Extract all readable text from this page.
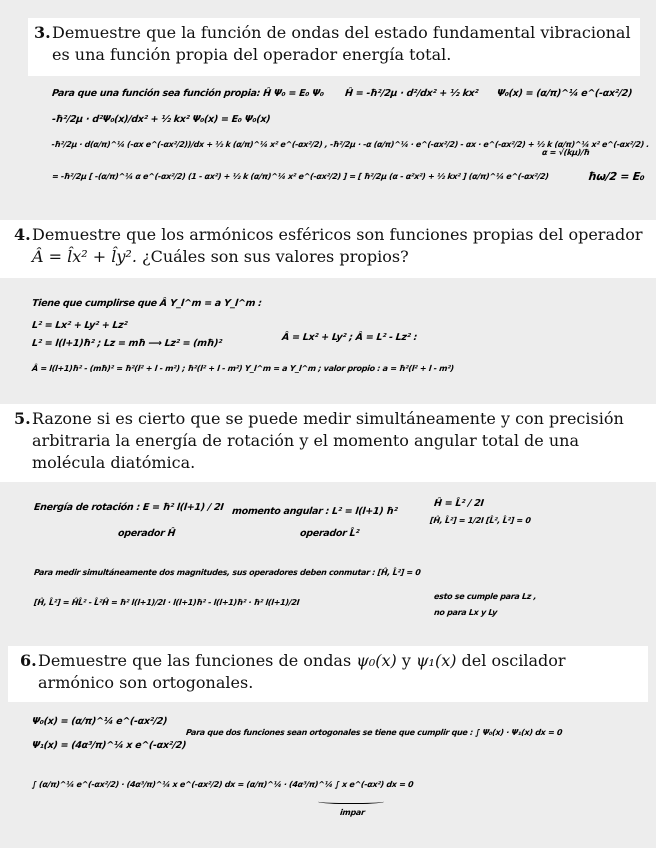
3. Demuestre que la función de ondas del estado fundamental vibracional es una función propia del operador energía total.
Para que una función sea función propia: Ĥ Ψ₀ = E₀ Ψ₀ Ĥ = -ħ²/2μ · d²/dx² + ½ kx² Ψ₀(x) = (α/π)^¼ e^(-αx²/2)
-ħ²/2μ · d²Ψ₀(x)/dx² + ½ kx² Ψ₀(x) = E₀ Ψ₀(x)
-ħ²/2μ · d(α/π)^¼ (-αx e^(-αx²/2))/dx + ½ k (α/π)^¼ x² e^(-αx²/2) , -ħ²/2μ · -α (α/π)^¼ · e^(-αx²/2) - αx · e^(-αx²/2) + ½ k (α/π)^¼ x² e^(-αx²/2) .
= -ħ²/2μ [ -(α/π)^¼ α e^(-αx²/2) (1 - αx²) + ½ k (α/π)^¼ x² e^(-αx²/2) ] = [ ħ²/2μ (α - α²x²) + ½ kx² ] (α/π)^¼ e^(-αx²/2)
α = √(kμ)/ħ
ħω/2 = E₀
4. Demuestre que los armónicos esféricos son funciones propias del operador Â = l̂x² + l̂y². ¿Cuáles son sus valores propios?
Tiene que cumplirse que Â Y_l^m = a Y_l^m :
L² = Lx² + Ly² + Lz²
L² = l(l+1)ħ² ; Lz = mħ ⟶ Lz² = (mħ)²
Â = Lx² + Ly² ; Â = L² - Lz² :
Â = l(l+1)ħ² - (mħ)² = ħ²(l² + l - m²) ; ħ²(l² + l - m²) Y_l^m = a Y_l^m ; valor propio : a = ħ²(l² + l - m²)
5. Razone si es cierto que se puede medir simultáneamente y con precisión arbitraria la energía de rotación y el momento angular total de una molécula diatómica.
Energía de rotación : E = ħ² l(l+1) / 2I
operador Ĥ
momento angular : L² = l(l+1) ħ²
operador L̂²
Ĥ = L̂² / 2I
[Ĥ, L̂²] = 1/2I [L̂², L̂²] = 0
Para medir simultáneamente dos magnitudes, sus operadores deben conmutar : [Ĥ, L̂²] = 0
[Ĥ, L̂²] = ĤL̂² - L̂²Ĥ = ħ² l(l+1)/2I · l(l+1)ħ² - l(l+1)ħ² · ħ² l(l+1)/2I
esto se cumple para Lz ,
no para Lx y Ly
6. Demuestre que las funciones de ondas ψ₀(x) y ψ₁(x) del oscilador armónico son ortogonales.
Ψ₀(x) = (α/π)^¼ e^(-αx²/2)
Ψ₁(x) = (4α³/π)^¼ x e^(-αx²/2)
Para que dos funciones sean ortogonales se tiene que cumplir que : ∫ Ψ₀(x) · Ψ₁(x) dx = 0
∫ (α/π)^¼ e^(-αx²/2) · (4α³/π)^¼ x e^(-αx²/2) dx = (α/π)^¼ · (4α³/π)^¼ ∫ x e^(-αx²) dx = 0
impar
